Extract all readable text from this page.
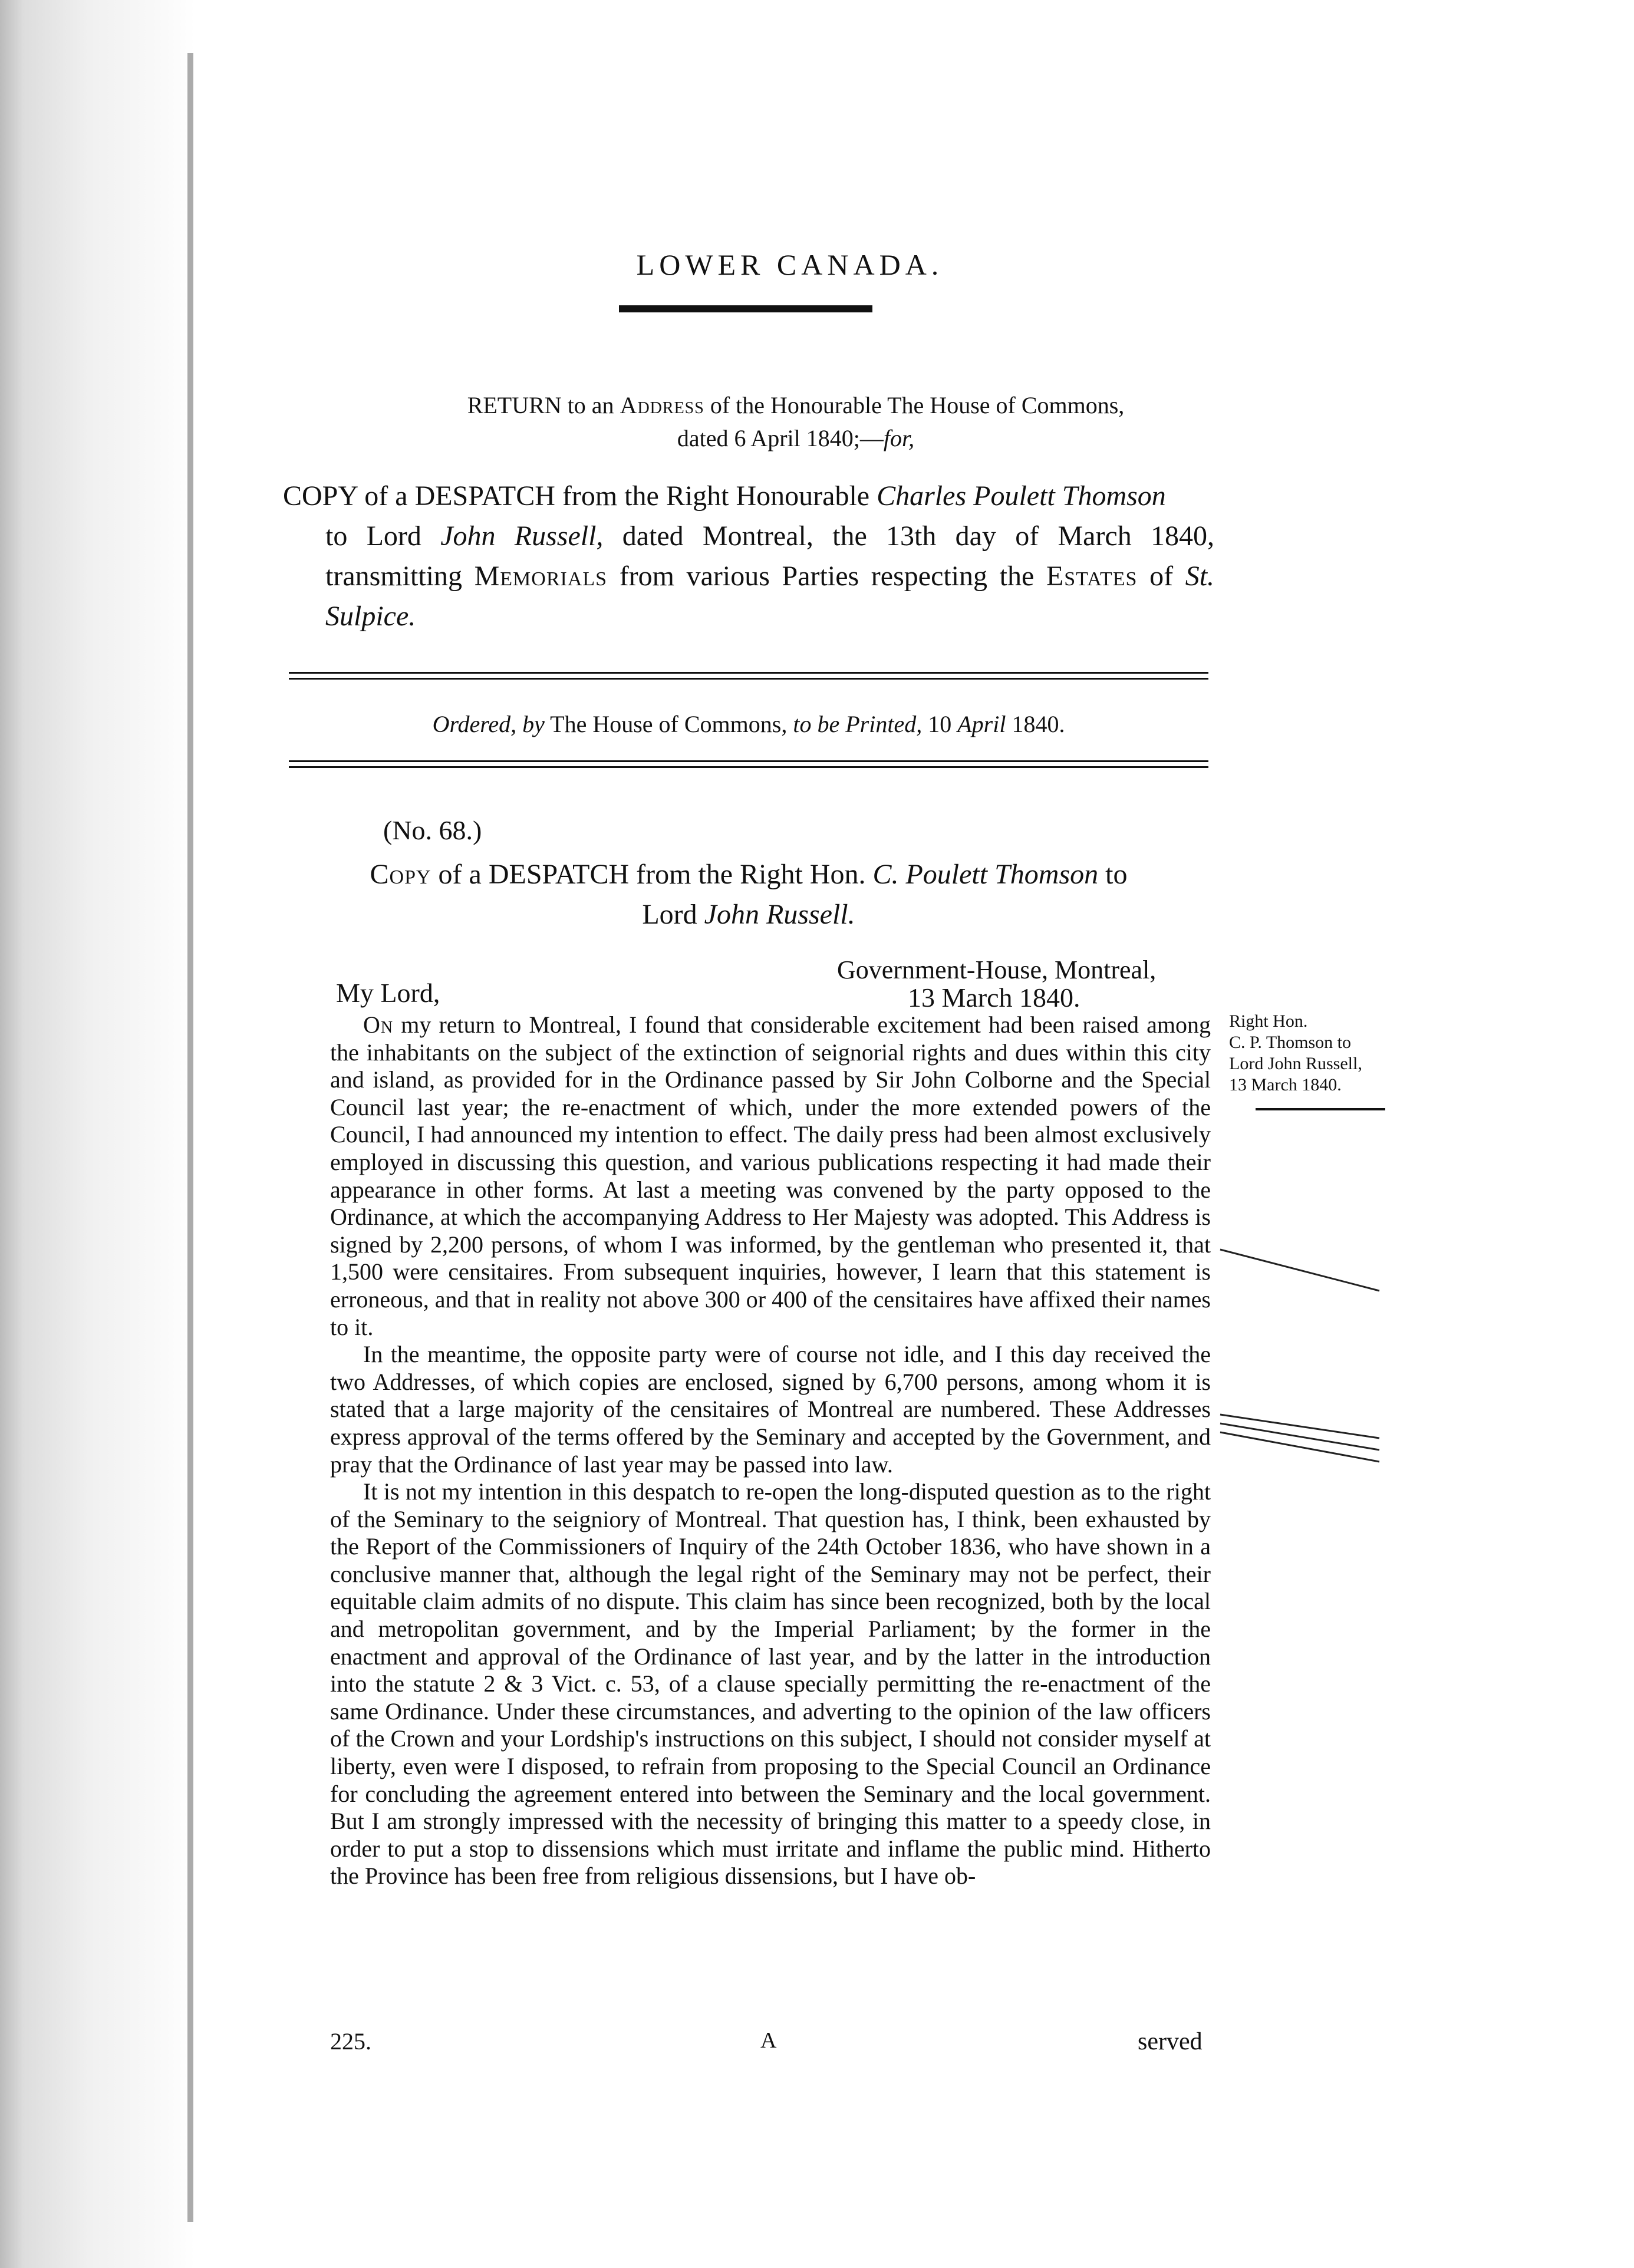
LOWER CANADA.
RETURN to an Address of the Honourable The House of Commons,
dated 6 April 1840;—for,
COPY of a DESPATCH from the Right Honourable Charles Poulett Thomson
to Lord John Russell, dated Montreal, the 13th day of March 1840, transmitting Memorials from various Parties respecting the Estates of St. Sulpice.
Ordered, by The House of Commons, to be Printed, 10 April 1840.
(No. 68.)
Copy of a DESPATCH from the Right Hon. C. Poulett Thomson to
Lord John Russell.
Government-House, Montreal,
My Lord,	13 March 1840.

On my return to Montreal, I found that considerable excitement had been raised among the inhabitants on the subject of the extinction of seignorial rights and dues within this city and island, as provided for in the Ordinance passed by Sir John Colborne and the Special Council last year; the re-enactment of which, under the more extended powers of the Council, I had announced my intention to effect. The daily press had been almost exclusively employed in discussing this question, and various publications respecting it had made their appearance in other forms. At last a meeting was convened by the party opposed to the Ordinance, at which the accompanying Address to Her Majesty was adopted. This Address is signed by 2,200 persons, of whom I was informed, by the gentleman who presented it, that 1,500 were censitaires. From subsequent inquiries, however, I learn that this statement is erroneous, and that in reality not above 300 or 400 of the censitaires have affixed their names to it.

In the meantime, the opposite party were of course not idle, and I this day received the two Addresses, of which copies are enclosed, signed by 6,700 persons, among whom it is stated that a large majority of the censitaires of Montreal are numbered. These Addresses express approval of the terms offered by the Seminary and accepted by the Government, and pray that the Ordinance of last year may be passed into law.

It is not my intention in this despatch to re-open the long-disputed question as to the right of the Seminary to the seigniory of Montreal. That question has, I think, been exhausted by the Report of the Commissioners of Inquiry of the 24th October 1836, who have shown in a conclusive manner that, although the legal right of the Seminary may not be perfect, their equitable claim admits of no dispute. This claim has since been recognized, both by the local and metropolitan government, and by the Imperial Parliament; by the former in the enactment and approval of the Ordinance of last year, and by the latter in the introduction into the statute 2 & 3 Vict. c. 53, of a clause specially permitting the re-enactment of the same Ordinance. Under these circumstances, and adverting to the opinion of the law officers of the Crown and your Lordship's instructions on this subject, I should not consider myself at liberty, even were I disposed, to refrain from proposing to the Special Council an Ordinance for concluding the agreement entered into between the Seminary and the local government. But I am strongly impressed with the necessity of bringing this matter to a speedy close, in order to put a stop to dissensions which must irritate and inflame the public mind. Hitherto the Province has been free from religious dissensions, but I have ob-

Right Hon.
C. P. Thomson to
Lord John Russell,
13 March 1840.
225.	A	served
